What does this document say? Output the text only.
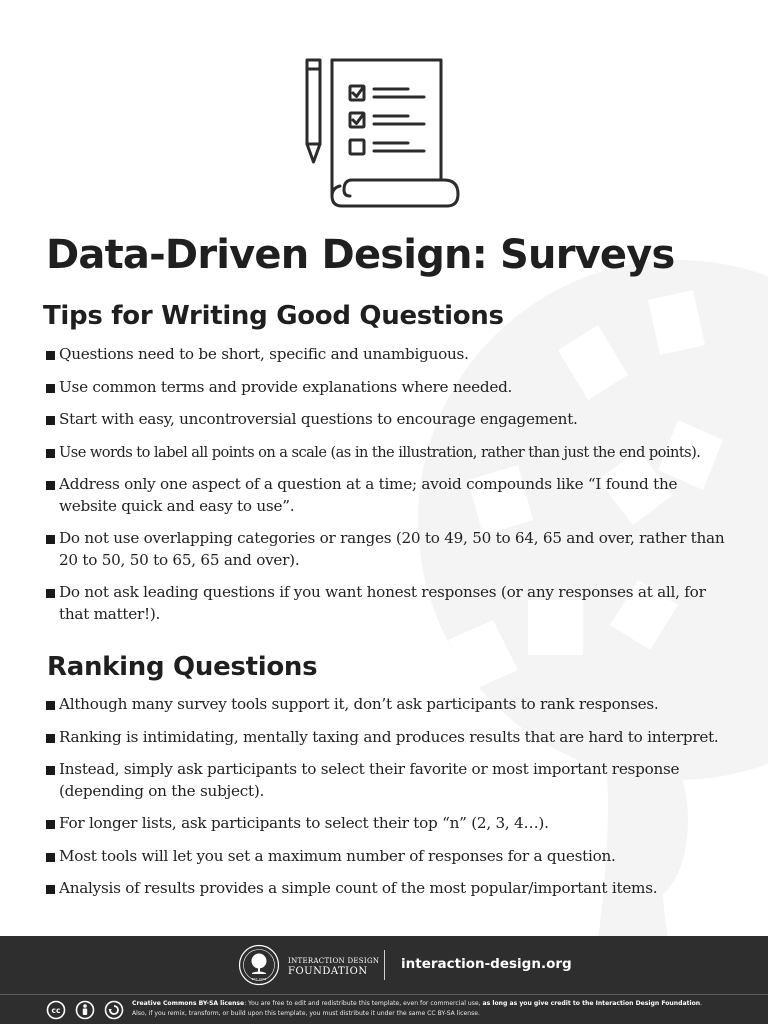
Data-Driven Design: Surveys
Tips for Writing Good Questions
Questions need to be short, specific and unambiguous.
Use common terms and provide explanations where needed.
Start with easy, uncontroversial questions to encourage engagement.
Use words to label all points on a scale (as in the illustration, rather than just the end points).
Address only one aspect of a question at a time; avoid compounds like “I found the website quick and easy to use”.
Do not use overlapping categories or ranges (20 to 49, 50 to 64, 65 and over, rather than 20 to 50, 50 to 65, 65 and over).
Do not ask leading questions if you want honest responses (or any responses at all, for that matter!).
Ranking Questions
Although many survey tools support it, don’t ask participants to rank responses.
Ranking is intimidating, mentally taxing and produces results that are hard to interpret.
Instead, simply ask participants to select their favorite or most important response (depending on the subject).
For longer lists, ask participants to select their top “n” (2, 3, 4…).
Most tools will let you set a maximum number of responses for a question.
Analysis of results provides a simple count of the most popular/important items.
EST. 2002
INTERACTION DESIGN
FOUNDATION	interaction-design.org
cc
Creative Commons BY-SA license: You are free to edit and redistribute this template, even for commercial use, as long as you give credit to the Interaction Design Foundation.
Also, if you remix, transform, or build upon this template, you must distribute it under the same CC BY-SA license.
